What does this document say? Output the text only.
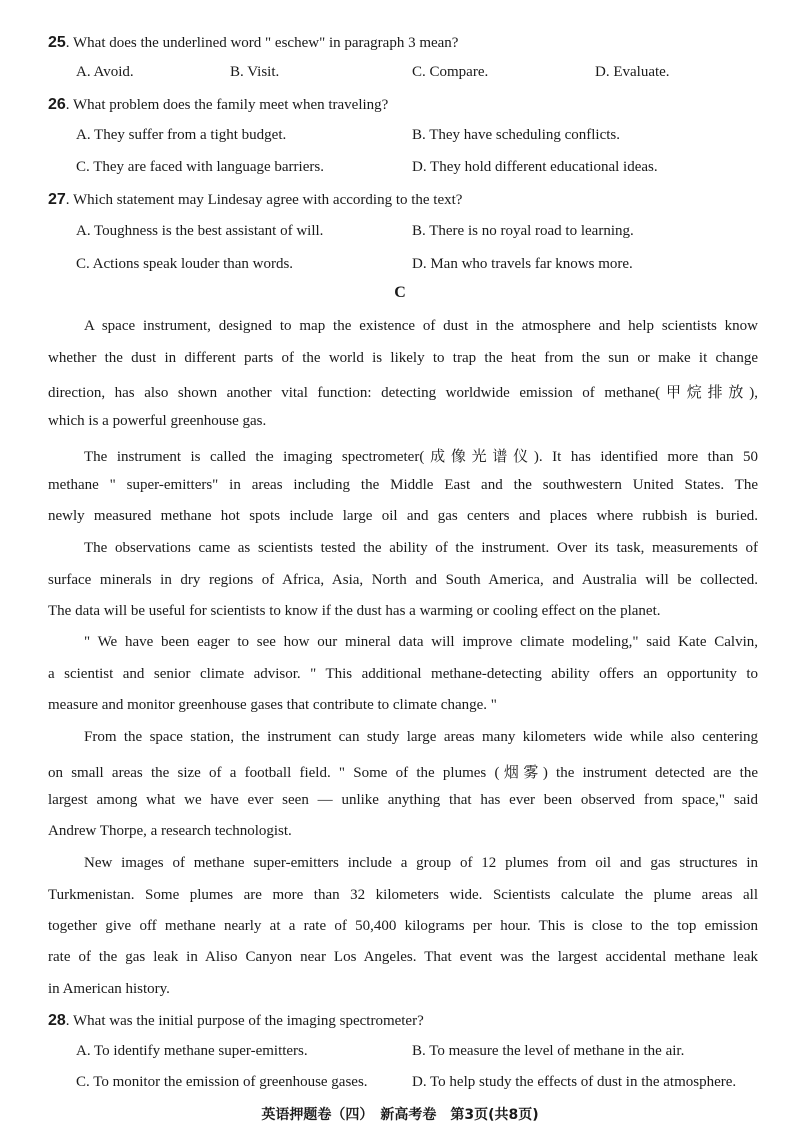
25. What does the underlined word " eschew" in paragraph 3 mean?
A. Avoid.	B. Visit.	C. Compare.	D. Evaluate.
26. What problem does the family meet when traveling?
A. They suffer from a tight budget.	B. They have scheduling conflicts.
C. They are faced with language barriers.	D. They hold different educational ideas.
27. Which statement may Lindesay agree with according to the text?
A. Toughness is the best assistant of will.	B. There is no royal road to learning.
C. Actions speak louder than words.	D. Man who travels far knows more.
C
A space instrument, designed to map the existence of dust in the atmosphere and help scientists know
whether the dust in different parts of the world is likely to trap the heat from the sun or make it change
direction, has also shown another vital function: detecting worldwide emission of methane(甲烷排放),
which is a powerful greenhouse gas.
The instrument is called the imaging spectrometer(成像光谱仪). It has identified more than 50
methane " super-emitters" in areas including the Middle East and the southwestern United States. The
newly measured methane hot spots include large oil and gas centers and places where rubbish is buried.
The observations came as scientists tested the ability of the instrument. Over its task, measurements of
surface minerals in dry regions of Africa, Asia, North and South America, and Australia will be collected.
The data will be useful for scientists to know if the dust has a warming or cooling effect on the planet.
" We have been eager to see how our mineral data will improve climate modeling," said Kate Calvin,
a scientist and senior climate advisor. " This additional methane-detecting ability offers an opportunity to
measure and monitor greenhouse gases that contribute to climate change. "
From the space station, the instrument can study large areas many kilometers wide while also centering
on small areas the size of a football field. " Some of the plumes (烟雾) the instrument detected are the
largest among what we have ever seen — unlike anything that has ever been observed from space," said
Andrew Thorpe, a research technologist.
New images of methane super-emitters include a group of 12 plumes from oil and gas structures in
Turkmenistan. Some plumes are more than 32 kilometers wide. Scientists calculate the plume areas all
together give off methane nearly at a rate of 50,400 kilograms per hour. This is close to the top emission
rate of the gas leak in Aliso Canyon near Los Angeles. That event was the largest accidental methane leak
in American history.
28. What was the initial purpose of the imaging spectrometer?
A. To identify methane super-emitters.	B. To measure the level of methane in the air.
C. To monitor the emission of greenhouse gases.	D. To help study the effects of dust in the atmosphere.
英语押题卷（四）　新高考卷　第3页(共8页)
